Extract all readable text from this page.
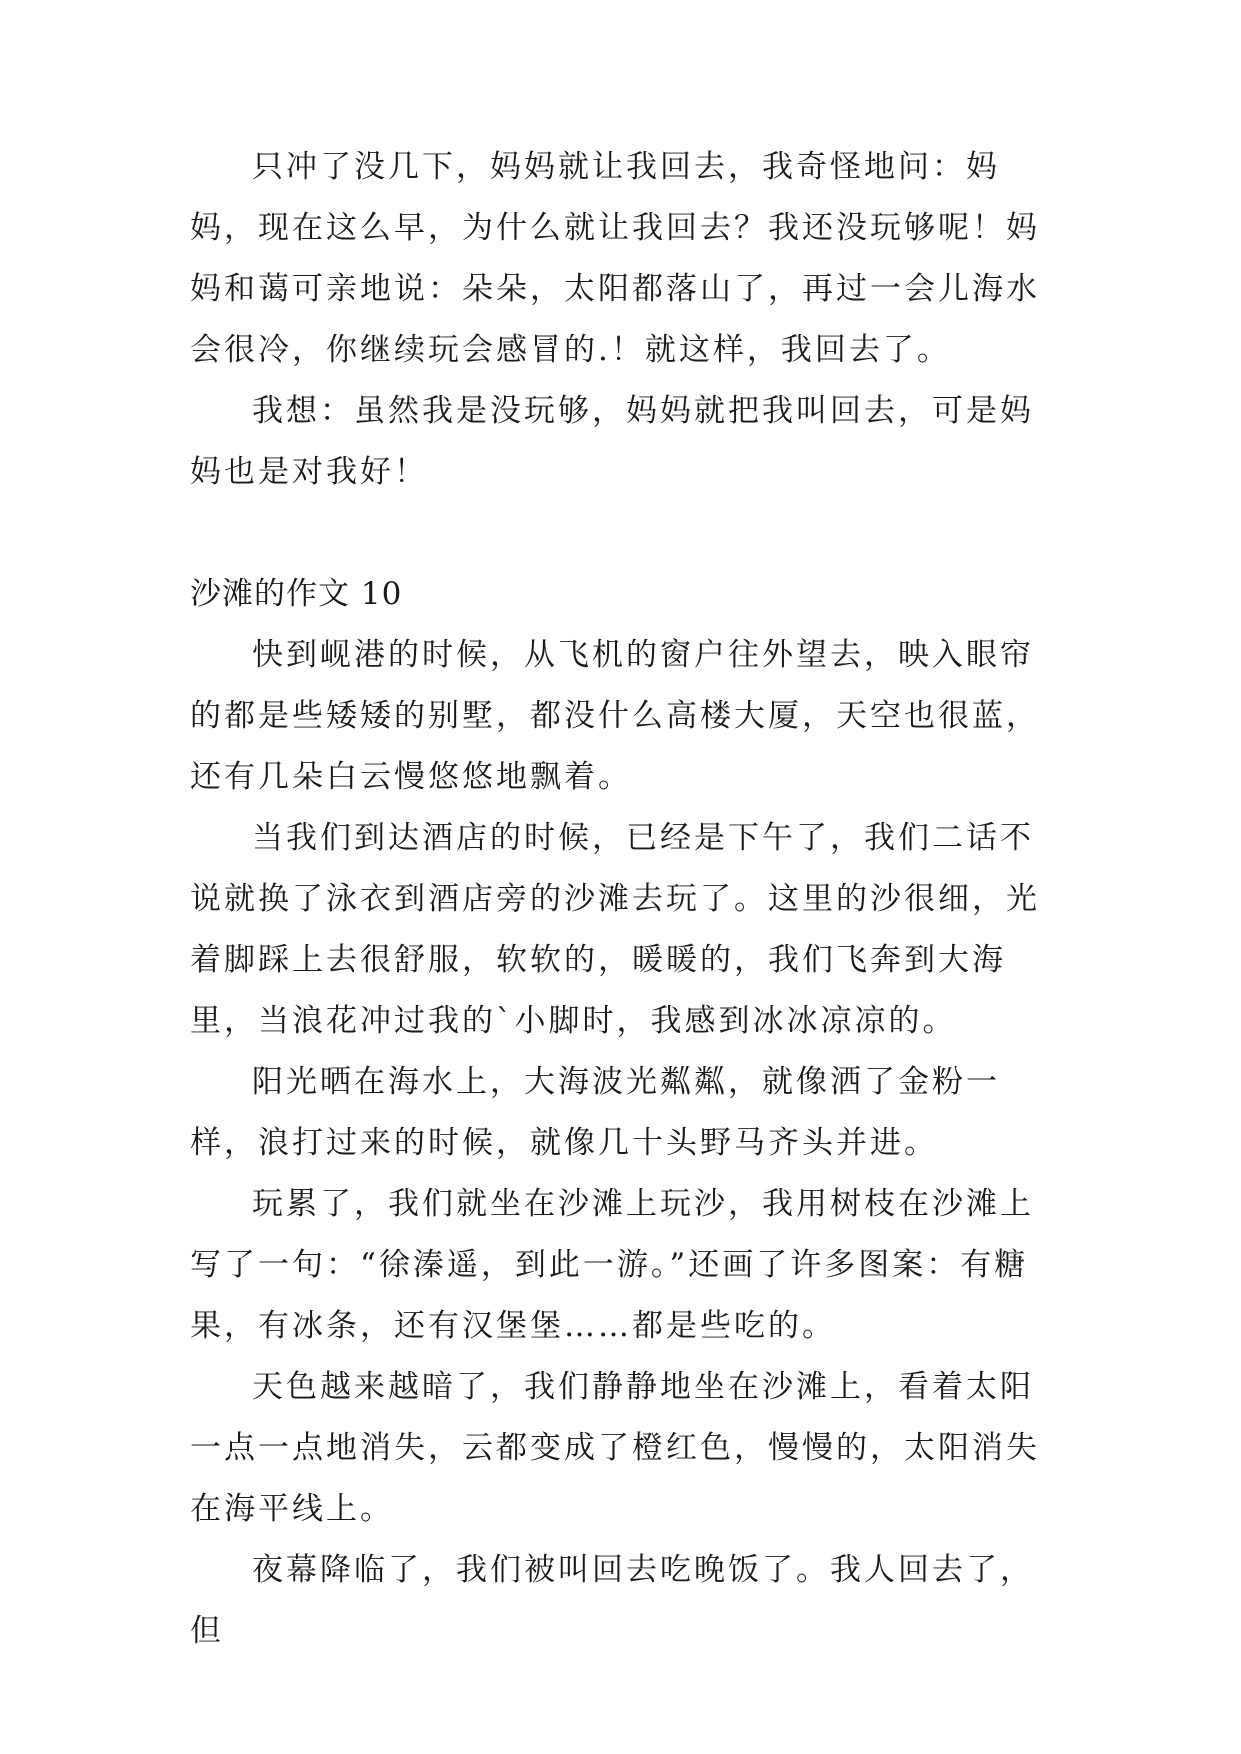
只冲了没几下，妈妈就让我回去，我奇怪地问：妈妈，现在这么早，为什么就让我回去？我还没玩够呢！妈妈和蔼可亲地说：朵朵，太阳都落山了，再过一会儿海水会很冷，你继续玩会感冒的.！就这样，我回去了。

我想：虽然我是没玩够，妈妈就把我叫回去，可是妈妈也是对我好！

沙滩的作文 10

快到岘港的时候，从飞机的窗户往外望去，映入眼帘的都是些矮矮的别墅，都没什么高楼大厦，天空也很蓝，还有几朵白云慢悠悠地飘着。

当我们到达酒店的时候，已经是下午了，我们二话不说就换了泳衣到酒店旁的沙滩去玩了。这里的沙很细，光着脚踩上去很舒服，软软的，暖暖的，我们飞奔到大海里，当浪花冲过我的`小脚时，我感到冰冰凉凉的。

阳光晒在海水上，大海波光粼粼，就像洒了金粉一样，浪打过来的时候，就像几十头野马齐头并进。

玩累了，我们就坐在沙滩上玩沙，我用树枝在沙滩上写了一句：“徐溱遥，到此一游。”还画了许多图案：有糖果，有冰条，还有汉堡堡……都是些吃的。

天色越来越暗了，我们静静地坐在沙滩上，看着太阳一点一点地消失，云都变成了橙红色，慢慢的，太阳消失在海平线上。

夜幕降临了，我们被叫回去吃晚饭了。我人回去了，但
